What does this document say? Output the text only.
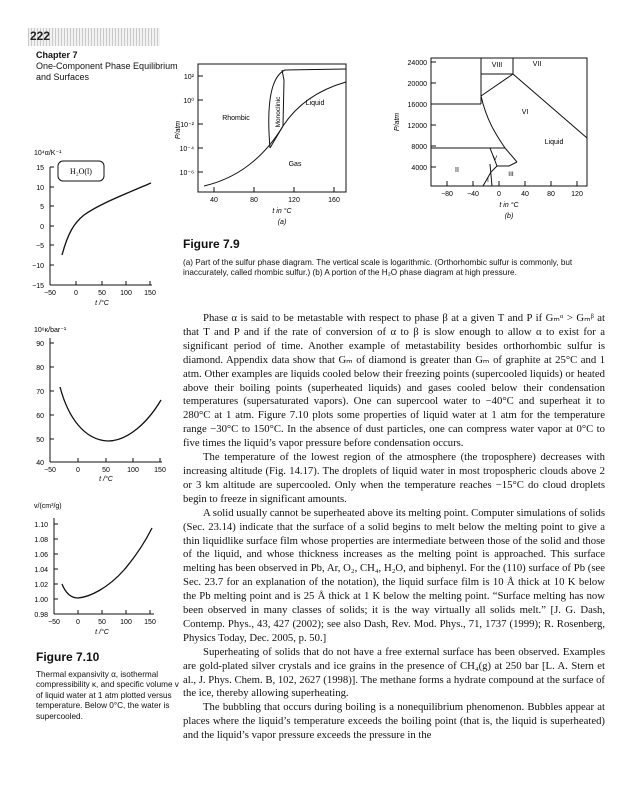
222
Chapter 7
One-Component Phase Equilibrium and Surfaces	10²
10⁰
10⁻²
10⁻⁴
10⁻⁶
40	80	120	160
P/atm
t in °C
(a)
Rhombic	Monoclinic	Liquid
Gas
24000
20000
16000
12000
8000
4000
−80 −40	0	40	80 120
P/atm
t in °C
(b)
VII
VIII
VI
Liquid
V
II
III
I
Figure 7.9
(a) Part of the sulfur phase diagram. The vertical scale is logarithmic. (Orthorhombic sulfur is commonly, but inaccurately, called rhombic sulfur.) (b) A portion of the H₂O phase diagram at high pressure.
10⁴α/K⁻¹
H₂O(l)
15
10
5
0
−5
−10
−15
−50	0	50 100 150
t /°C
10⁶κ/bar⁻¹
90
80
70
60
50
40
−50	0	50 100 150
t /°C
v/(cm³/g)
1.10
1.08
1.06
1.04
1.02
1.00
0.98
−50 0	50 100 150
t /°C
Figure 7.10
Thermal expansivity α, isothermal compressibility κ, and specific volume v of liquid water at 1 atm plotted versus temperature. Below 0°C, the water is supercooled.

Phase α is said to be metastable with respect to phase β at a given T and P if Gₘᵅ > Gₘᵝ at that T and P and if the rate of conversion of α to β is slow enough to allow α to exist for a significant period of time. Another example of metastability besides orthorhombic sulfur is diamond. Appendix data show that Gₘ of diamond is greater than Gₘ of graphite at 25°C and 1 atm. Other examples are liquids cooled below their freezing points (supercooled liquids) or heated above their boiling points (superheated liquids) and gases cooled below their condensation temperatures (supersaturated vapors). One can supercool water to −40°C and superheat it to 280°C at 1 atm. Figure 7.10 plots some properties of liquid water at 1 atm for the temperature range −30°C to 150°C. In the absence of dust particles, one can compress water vapor at 0°C to five times the liquid’s vapor pressure before condensation occurs.

The temperature of the lowest region of the atmosphere (the troposphere) decreases with increasing altitude (Fig. 14.17). The droplets of liquid water in most tropospheric clouds above 2 or 3 km altitude are supercooled. Only when the temperature reaches −15°C do cloud droplets begin to freeze in significant amounts.

A solid usually cannot be superheated above its melting point. Computer simulations of solids (Sec. 23.14) indicate that the surface of a solid begins to melt below the melting point to give a thin liquidlike surface film whose properties are intermediate between those of the solid and those of the liquid, and whose thickness increases as the melting point is approached. This surface melting has been observed in Pb, Ar, O₂, CH₄, H₂O, and biphenyl. For the (110) surface of Pb (see Sec. 23.7 for an explanation of the notation), the liquid surface film is 10 Å thick at 10 K below the Pb melting point and is 25 Å thick at 1 K below the melting point. “Surface melting has now been observed in many classes of solids; it is the way virtually all solids melt.” [J. G. Dash, Contemp. Phys., 43, 427 (2002); see also Dash, Rev. Mod. Phys., 71, 1737 (1999); R. Rosenberg, Physics Today, Dec. 2005, p. 50.]

Superheating of solids that do not have a free external surface has been observed. Examples are gold-plated silver crystals and ice grains in the presence of CH₄(g) at 250 bar [L. A. Stern et al., J. Phys. Chem. B, 102, 2627 (1998)]. The methane forms a hydrate compound at the surface of the ice, thereby allowing superheating.

The bubbling that occurs during boiling is a nonequilibrium phenomenon. Bubbles appear at places where the liquid’s temperature exceeds the boiling point (that is, the liquid is superheated) and the liquid’s vapor pressure exceeds the pressure in the
